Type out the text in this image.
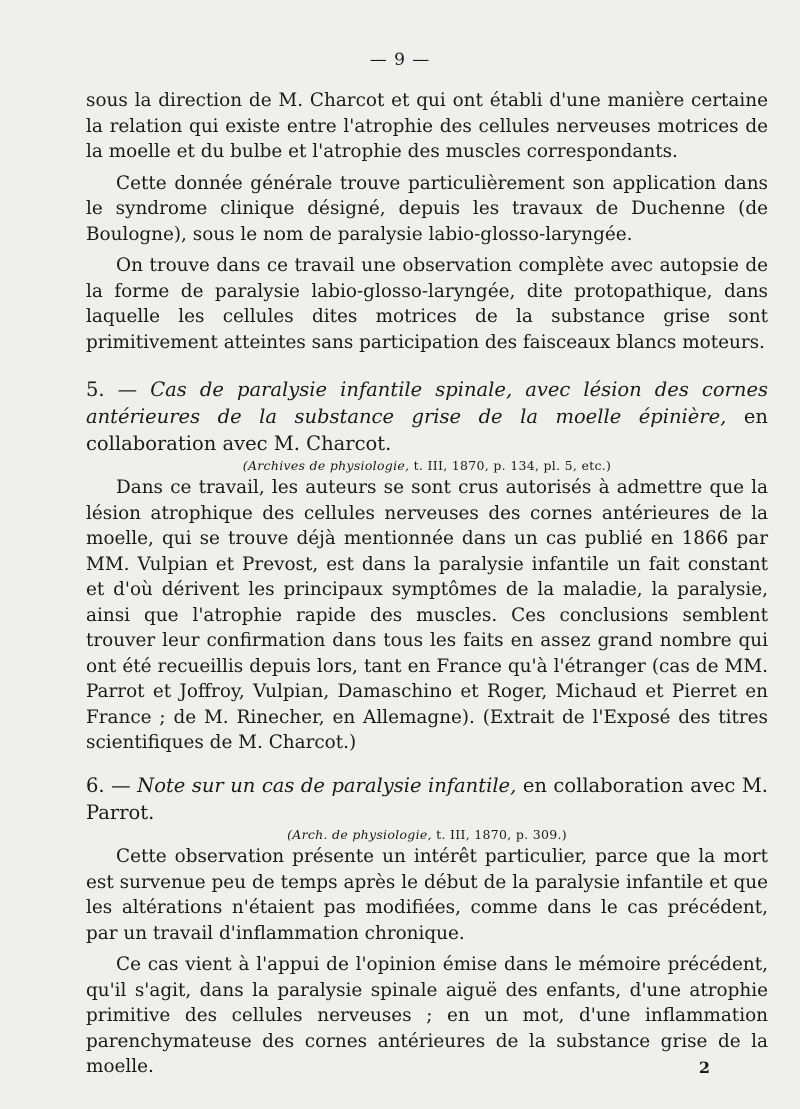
— 9 —

sous la direction de M. Charcot et qui ont établi d'une manière certaine la relation qui existe entre l'atrophie des cellules nerveuses motrices de la moelle et du bulbe et l'atrophie des muscles correspondants.

Cette donnée générale trouve particulièrement son application dans le syndrome clinique désigné, depuis les travaux de Duchenne (de Boulogne), sous le nom de paralysie labio-glosso-laryngée.

On trouve dans ce travail une observation complète avec autopsie de la forme de paralysie labio-glosso-laryngée, dite protopathique, dans laquelle les cellules dites motrices de la substance grise sont primitivement atteintes sans participation des faisceaux blancs moteurs.

5. — Cas de paralysie infantile spinale, avec lésion des cornes antérieures de la substance grise de la moelle épinière, en collaboration avec M. Charcot.

(Archives de physiologie, t. III, 1870, p. 134, pl. 5, etc.)

Dans ce travail, les auteurs se sont crus autorisés à admettre que la lésion atrophique des cellules nerveuses des cornes antérieures de la moelle, qui se trouve déjà mentionnée dans un cas publié en 1866 par MM. Vulpian et Prevost, est dans la paralysie infantile un fait constant et d'où dérivent les principaux symptômes de la maladie, la paralysie, ainsi que l'atrophie rapide des muscles. Ces conclusions semblent trouver leur confirmation dans tous les faits en assez grand nombre qui ont été recueillis depuis lors, tant en France qu'à l'étranger (cas de MM. Parrot et Joffroy, Vulpian, Damaschino et Roger, Michaud et Pierret en France ; de M. Rinecher, en Allemagne). (Extrait de l'Exposé des titres scientifiques de M. Charcot.)

6. — Note sur un cas de paralysie infantile, en collaboration avec M. Parrot.

(Arch. de physiologie, t. III, 1870, p. 309.)

Cette observation présente un intérêt particulier, parce que la mort est survenue peu de temps après le début de la paralysie infantile et que les altérations n'étaient pas modifiées, comme dans le cas précédent, par un travail d'inflammation chronique.

Ce cas vient à l'appui de l'opinion émise dans le mémoire précédent, qu'il s'agit, dans la paralysie spinale aiguë des enfants, d'une atrophie primitive des cellules nerveuses ; en un mot, d'une inflammation parenchymateuse des cornes antérieures de la substance grise de la moelle.	2
